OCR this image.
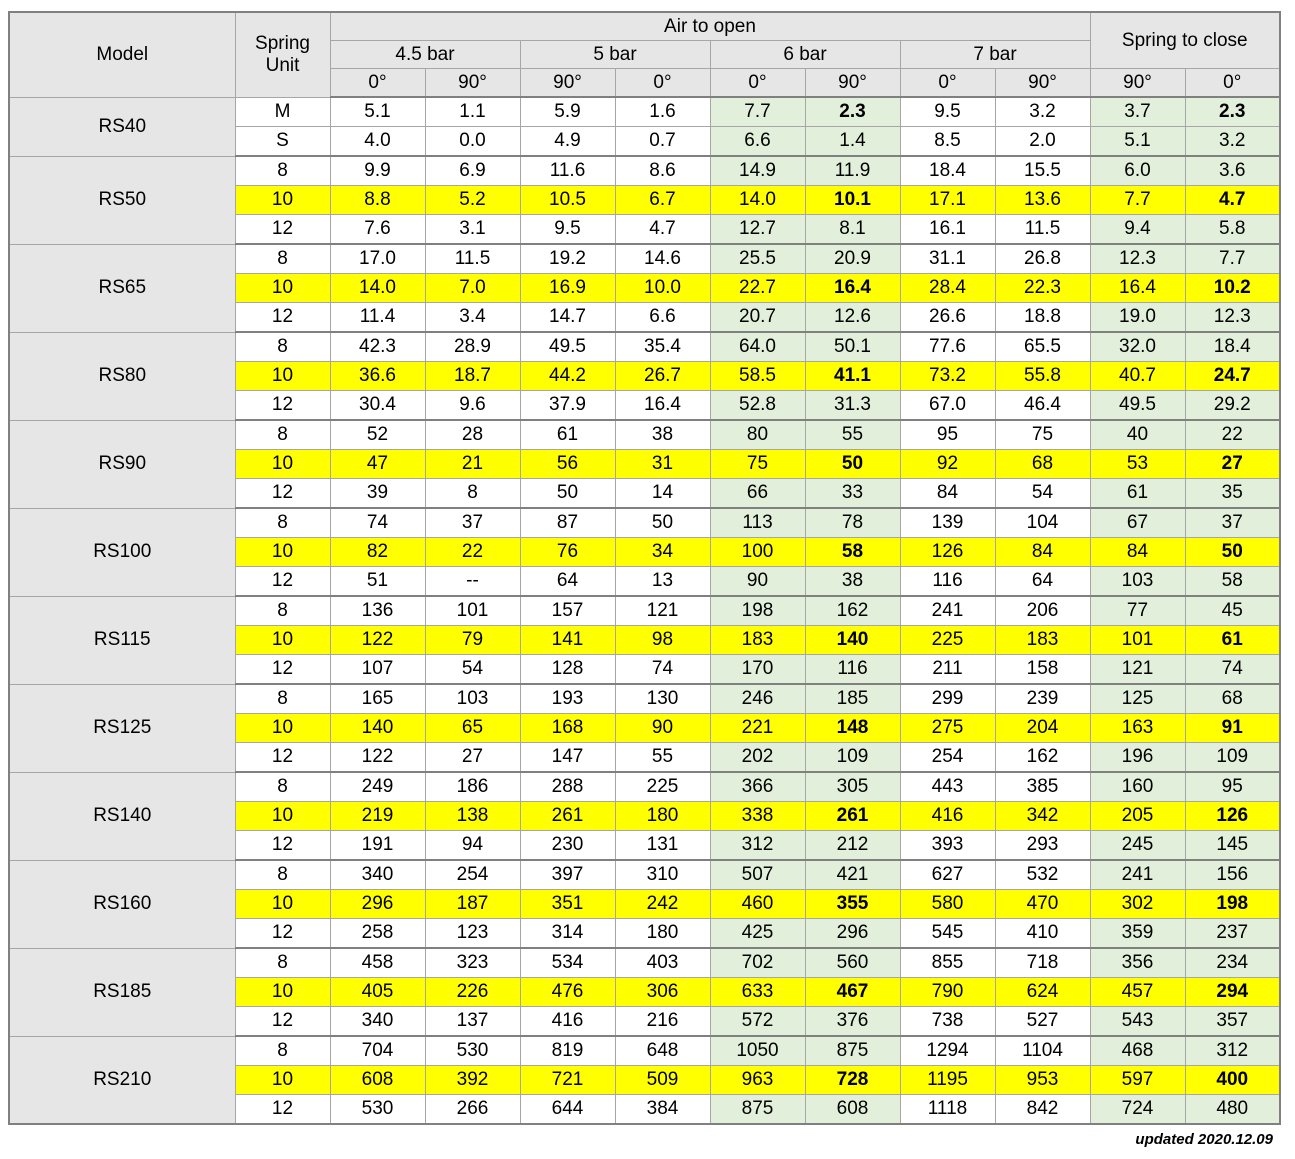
Model	Spring
Unit	Air to open								Spring to close	
		4.5 bar		5 bar		6 bar		7 bar			
		0°	90°	90°	0°	0°	90°	0°	90°	90°	0°
RS40	M	5.1	1.1	5.9	1.6	7.7	2.3	9.5	3.2	3.7	2.3
	S	4.0	0.0	4.9	0.7	6.6	1.4	8.5	2.0	5.1	3.2
RS50	8	9.9	6.9	11.6	8.6	14.9	11.9	18.4	15.5	6.0	3.6
	10	8.8	5.2	10.5	6.7	14.0	10.1	17.1	13.6	7.7	4.7
	12	7.6	3.1	9.5	4.7	12.7	8.1	16.1	11.5	9.4	5.8
RS65	8	17.0	11.5	19.2	14.6	25.5	20.9	31.1	26.8	12.3	7.7
	10	14.0	7.0	16.9	10.0	22.7	16.4	28.4	22.3	16.4	10.2
	12	11.4	3.4	14.7	6.6	20.7	12.6	26.6	18.8	19.0	12.3
RS80	8	42.3	28.9	49.5	35.4	64.0	50.1	77.6	65.5	32.0	18.4
	10	36.6	18.7	44.2	26.7	58.5	41.1	73.2	55.8	40.7	24.7
	12	30.4	9.6	37.9	16.4	52.8	31.3	67.0	46.4	49.5	29.2
RS90	8	52	28	61	38	80	55	95	75	40	22
	10	47	21	56	31	75	50	92	68	53	27
	12	39	8	50	14	66	33	84	54	61	35
RS100	8	74	37	87	50	113	78	139	104	67	37
	10	82	22	76	34	100	58	126	84	84	50
	12	51	--	64	13	90	38	116	64	103	58
RS115	8	136	101	157	121	198	162	241	206	77	45
	10	122	79	141	98	183	140	225	183	101	61
	12	107	54	128	74	170	116	211	158	121	74
RS125	8	165	103	193	130	246	185	299	239	125	68
	10	140	65	168	90	221	148	275	204	163	91
	12	122	27	147	55	202	109	254	162	196	109
RS140	8	249	186	288	225	366	305	443	385	160	95
	10	219	138	261	180	338	261	416	342	205	126
	12	191	94	230	131	312	212	393	293	245	145
RS160	8	340	254	397	310	507	421	627	532	241	156
	10	296	187	351	242	460	355	580	470	302	198
	12	258	123	314	180	425	296	545	410	359	237
RS185	8	458	323	534	403	702	560	855	718	356	234
	10	405	226	476	306	633	467	790	624	457	294
	12	340	137	416	216	572	376	738	527	543	357
RS210	8	704	530	819	648	1050	875	1294	1104	468	312
	10	608	392	721	509	963	728	1195	953	597	400
	12	530	266	644	384	875	608	1118	842	724	480
updated 2020.12.09
